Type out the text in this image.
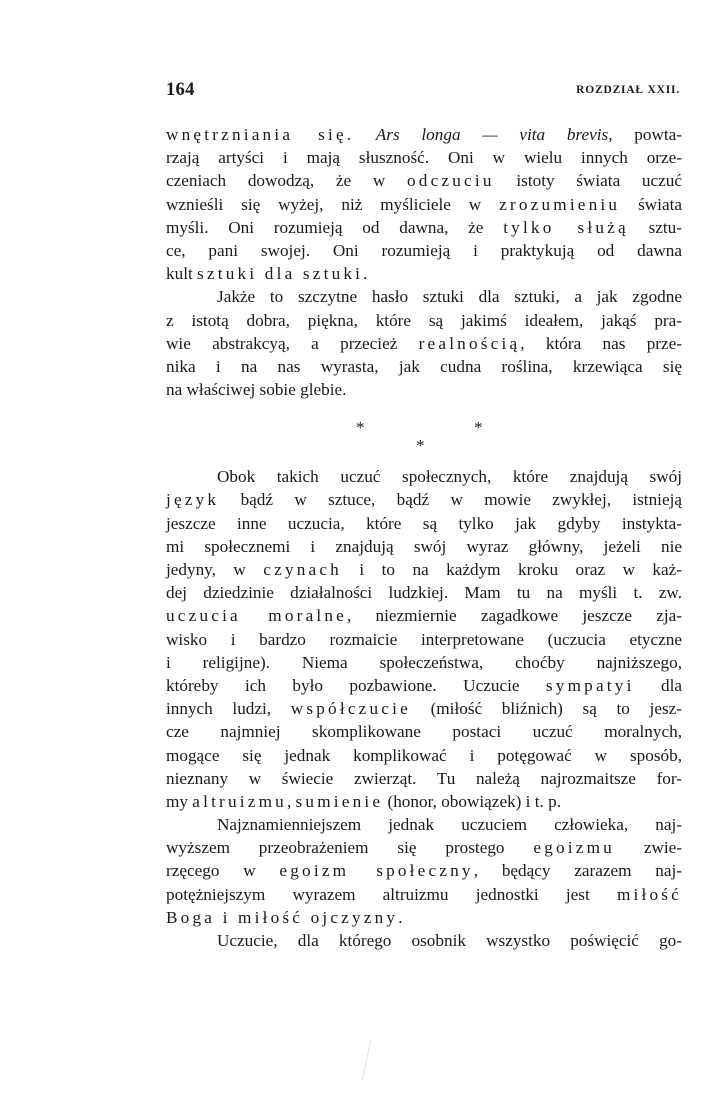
164	ROZDZIAŁ XXII.
wnętrzniania się. Ars longa — vita brevis, powta-
rzają artyści i mają słuszność. Oni w wielu innych orze-
czeniach dowodzą, że w odczuciu istoty świata uczuć
wznieśli się wyżej, niż myśliciele w zrozumieniu świata
myśli. Oni rozumieją od dawna, że tylko służą sztu-
ce, pani swojej. Oni rozumieją i praktykują od dawna
kult sztuki dla sztuki.
Jakże to szczytne hasło sztuki dla sztuki, a jak zgodne
z istotą dobra, piękna, które są jakimś ideałem, jakąś pra-
wie abstrakcyą, a przecież realnością, która nas prze-
nika i na nas wyrasta, jak cudna roślina, krzewiąca się
na właściwej sobie glebie.
*	*
*
Obok takich uczuć społecznych, które znajdują swój
język bądź w sztuce, bądź w mowie zwykłej, istnieją
jeszcze inne uczucia, które są tylko jak gdyby instykta-
mi społecznemi i znajdują swój wyraz główny, jeżeli nie
jedyny, w czynach i to na każdym kroku oraz w każ-
dej dziedzinie działalności ludzkiej. Mam tu na myśli t. zw.
uczucia moralne, niezmiernie zagadkowe jeszcze zja-
wisko i bardzo rozmaicie interpretowane (uczucia etyczne
i religijne). Niema społeczeństwa, choćby najniższego,
któreby ich było pozbawione. Uczucie sympatyi dla
innych ludzi, współczucie (miłość bliźnich) są to jesz-
cze najmniej skomplikowane postaci uczuć moralnych,
mogące się jednak komplikować i potęgować w sposób,
nieznany w świecie zwierząt. Tu należą najrozmaitsze for-
my altruizmu, sumienie (honor, obowiązek) i t. p.
Najznamienniejszem jednak uczuciem człowieka, naj-
wyższem przeobrażeniem się prostego egoizmu zwie-
rzęcego w egoizm społeczny, będący zarazem naj-
potężniejszym wyrazem altruizmu jednostki jest miłość
Boga i miłość ojczyzny.
Uczucie, dla którego osobnik wszystko poświęcić go-
